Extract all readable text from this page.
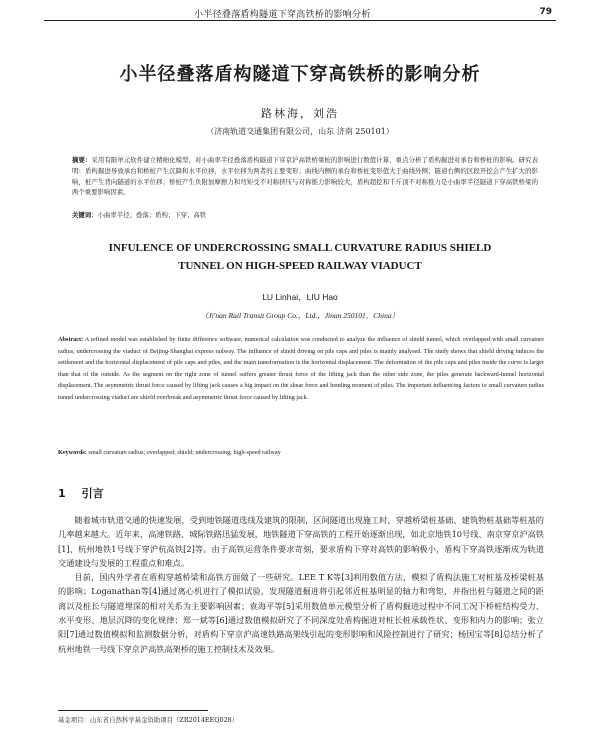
小半径叠落盾构隧道下穿高铁桥的影响分析	79
小半径叠落盾构隧道下穿高铁桥的影响分析
路林海，刘浩
（济南轨道交通集团有限公司，山东 济南 250101）
摘要：采用有限单元软件建立精细化模型，对小曲率半径叠落盾构隧道下穿京沪高铁桥梁桩的影响进行数值计算，重点分析了盾构掘进对承台和桥桩的影响。研究表明：盾构掘进导致承台和桥桩产生沉降和水平位移，水平位移为两者的主要变形；曲线内侧的承台和桥桩变形值大于曲线外侧；隧道右侧的区段开挖会产生扩大的影响，桩产生背向隧道的水平位移；桥桩产生负附加摩擦力和弯矩受不对称挤压与对称推力影响较大，盾构超挖和千斤顶不对称推力是小曲率半径隧道下穿高铁桥梁的两个重要影响因素。
关键词：小曲率半径；叠落；盾构；下穿；高铁
INFULENCE OF UNDERCROSSING SMALL CURVATURE RADIUS SHIELD
TUNNEL ON HIGH-SPEED RAILWAY VIADUCT
LU Linhai，LIU Hao
（Ji'nan Rail Transit Group Co.，Ltd.，Jinan 250101，China）
Abstract: A refined model was established by finite difference software, numerical calculation was conducted to analyze the influence of shield tunnel, which overlapped with small curvature radius, undercrossing the viaduct of Beijing-Shanghai express railway. The influence of shield driving on pile caps and piles is mainly analysed. The study shows that shield driving induces the settlement and the horizontal displacement of pile caps and piles, and the main transformation is the horizontal displacement. The deformation of the pile caps and piles inside the curve is larger than that of the outside. As the segment on the right zone of tunnel suffers greater thrust force of the lifting jack than the other side zone, the piles generate backward-tunnel horizontal displacement. The asymmetric thrust force caused by lifting jack causes a big impact on the shear force and bending moment of piles. The important influencing factors to small curvature radius tunnel undercrossing viaduct are shield overbreak and asymmetric thrust force caused by lifting jack.
Keywords: small curvature radius; overlapped; shield; undercrossing; high-speed railway
1 引言

随着城市轨道交通的快速发展，受到地铁隧道选线及建筑的限制，区间隧道出现施工时，穿越桥梁桩基础、建筑物桩基础等桩基的几率越来越大。近年来，高速铁路、城际铁路迅猛发展，地铁隧道下穿高铁的工程开始逐渐出现，如北京地铁10号线、南京穿京沪高铁[1]、杭州地铁1号线下穿沪杭高铁[2]等。由于高铁运营条件要求苛刻，要求盾构下穿对高铁的影响极小，盾构下穿高铁逐渐成为轨道交通建设与发展的工程重点和难点。

目前，国内外学者在盾构穿越桥梁和高铁方面做了一些研究。LEE T K等[3]利用数值方法，模拟了盾构法施工对桩基及桥梁桩基的影响；Loganathan等[4]通过离心机进行了模拟试验，发现隧道掘进将引起邻近桩基明显的轴力和弯矩，并指出桩与隧道之间的距离以及桩长与隧道埋深的相对关系为主要影响因素；袁海平等[5]采用数值单元模型分析了盾构掘进过程中不同工况下桥桩结构受力、水平变形、地层沉降的变化规律；郑一斌等[6]通过数值模拟研究了不同深度处盾构掘进对桩长桩承载性状、变形和内力的影响；张立阳[7]通过数值模拟和监测数据分析，对盾构下穿京沪高速铁路高架线引起的变形影响和风险控制进行了研究；杨国宝等[8]总结分析了杭州地铁一号线下穿京沪高铁高架桥的施工控制技术及效果。

基金项目：山东省自然科学基金资助项目（ZR2014EEQ028）
